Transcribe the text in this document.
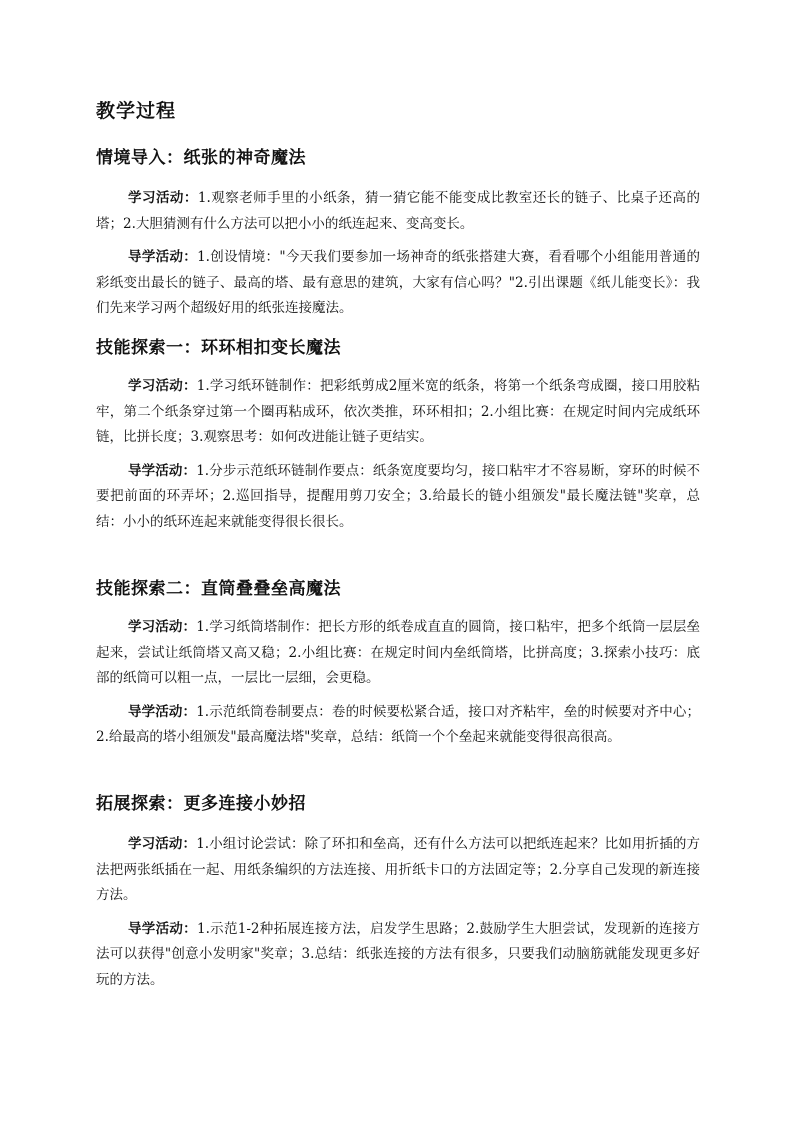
教学过程
情境导入：纸张的神奇魔法

学习活动：1.观察老师手里的小纸条，猜一猜它能不能变成比教室还长的链子、比桌子还高的塔；2.大胆猜测有什么方法可以把小小的纸连起来、变高变长。

导学活动：1.创设情境："今天我们要参加一场神奇的纸张搭建大赛，看看哪个小组能用普通的彩纸变出最长的链子、最高的塔、最有意思的建筑，大家有信心吗？"2.引出课题《纸儿能变长》：我们先来学习两个超级好用的纸张连接魔法。

技能探索一：环环相扣变长魔法

学习活动：1.学习纸环链制作：把彩纸剪成2厘米宽的纸条，将第一个纸条弯成圈，接口用胶粘牢，第二个纸条穿过第一个圈再粘成环，依次类推，环环相扣；2.小组比赛：在规定时间内完成纸环链，比拼长度；3.观察思考：如何改进能让链子更结实。

导学活动：1.分步示范纸环链制作要点：纸条宽度要均匀，接口粘牢才不容易断，穿环的时候不要把前面的环弄坏；2.巡回指导，提醒用剪刀安全；3.给最长的链小组颁发"最长魔法链"奖章，总结：小小的纸环连起来就能变得很长很长。

技能探索二：直筒叠叠垒高魔法

学习活动：1.学习纸筒塔制作：把长方形的纸卷成直直的圆筒，接口粘牢，把多个纸筒一层层垒起来，尝试让纸筒塔又高又稳；2.小组比赛：在规定时间内垒纸筒塔，比拼高度；3.探索小技巧：底部的纸筒可以粗一点，一层比一层细，会更稳。

导学活动：1.示范纸筒卷制要点：卷的时候要松紧合适，接口对齐粘牢，垒的时候要对齐中心；2.给最高的塔小组颁发"最高魔法塔"奖章，总结：纸筒一个个垒起来就能变得很高很高。

拓展探索：更多连接小妙招

学习活动：1.小组讨论尝试：除了环扣和垒高，还有什么方法可以把纸连起来？比如用折插的方法把两张纸插在一起、用纸条编织的方法连接、用折纸卡口的方法固定等；2.分享自己发现的新连接方法。

导学活动：1.示范1-2种拓展连接方法，启发学生思路；2.鼓励学生大胆尝试，发现新的连接方法可以获得"创意小发明家"奖章；3.总结：纸张连接的方法有很多，只要我们动脑筋就能发现更多好玩的方法。
